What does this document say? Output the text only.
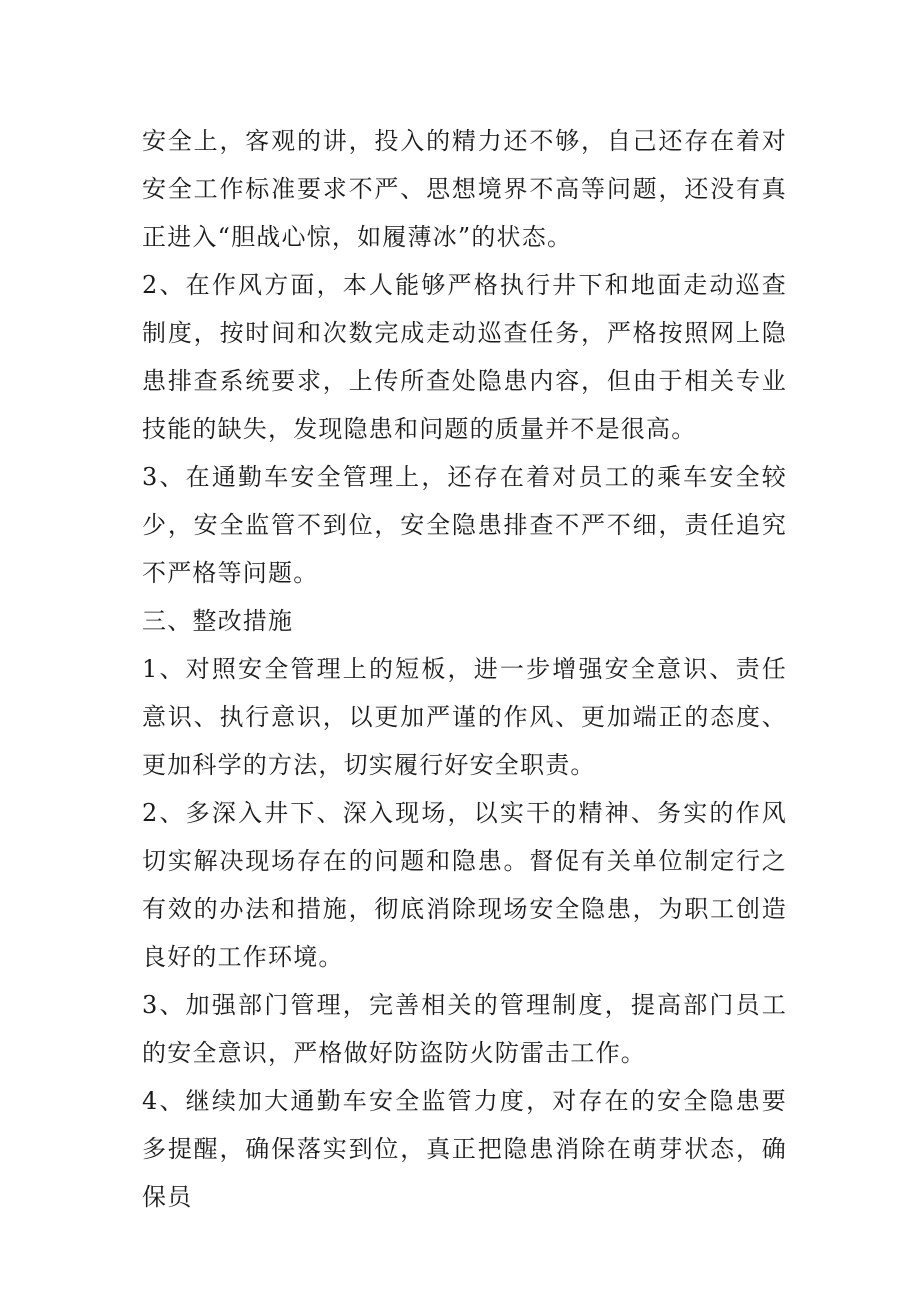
安全上，客观的讲，投入的精力还不够，自己还存在着对安全工作标准要求不严、思想境界不高等问题，还没有真正进入“胆战心惊，如履薄冰”的状态。

2、在作风方面，本人能够严格执行井下和地面走动巡查制度，按时间和次数完成走动巡查任务，严格按照网上隐患排查系统要求，上传所查处隐患内容，但由于相关专业技能的缺失，发现隐患和问题的质量并不是很高。

3、在通勤车安全管理上，还存在着对员工的乘车安全较少，安全监管不到位，安全隐患排查不严不细，责任追究不严格等问题。

三、整改措施

1、对照安全管理上的短板，进一步增强安全意识、责任意识、执行意识，以更加严谨的作风、更加端正的态度、更加科学的方法，切实履行好安全职责。

2、多深入井下、深入现场，以实干的精神、务实的作风切实解决现场存在的问题和隐患。督促有关单位制定行之有效的办法和措施，彻底消除现场安全隐患，为职工创造良好的工作环境。

3、加强部门管理，完善相关的管理制度，提高部门员工的安全意识，严格做好防盗防火防雷击工作。

4、继续加大通勤车安全监管力度，对存在的安全隐患要多提醒，确保落实到位，真正把隐患消除在萌芽状态，确保员
